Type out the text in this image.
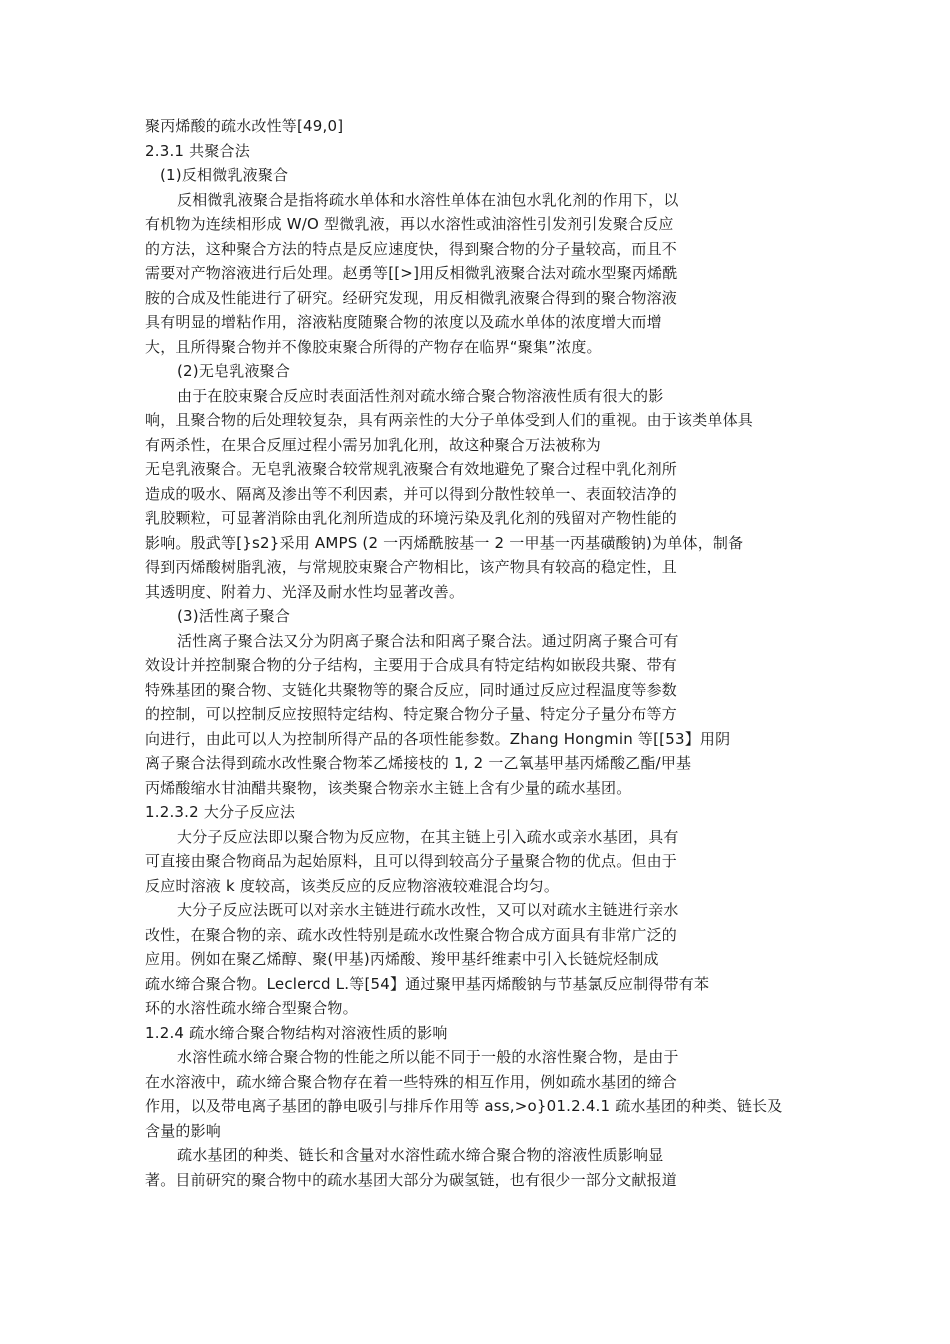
聚丙烯酸的疏水改性等[49,0]
2.3.1 共聚合法
(1)反相微乳液聚合
反相微乳液聚合是指将疏水单体和水溶性单体在油包水乳化剂的作用下，以
有机物为连续相形成 W/O 型微乳液，再以水溶性或油溶性引发剂引发聚合反应
的方法，这种聚合方法的特点是反应速度快，得到聚合物的分子量较高，而且不
需要对产物溶液进行后处理。赵勇等[[>]用反相微乳液聚合法对疏水型聚丙烯酰
胺的合成及性能进行了研究。经研究发现，用反相微乳液聚合得到的聚合物溶液
具有明显的增粘作用，溶液粘度随聚合物的浓度以及疏水单体的浓度增大而增
大，且所得聚合物并不像胶束聚合所得的产物存在临界“聚集”浓度。
(2)无皂乳液聚合
由于在胶束聚合反应时表面活性剂对疏水缔合聚合物溶液性质有很大的影
响，且聚合物的后处理较复杂，具有两亲性的大分子单体受到人们的重视。由于该类单体具
有两杀性，在果合反厘过程小需另加乳化刑，故这种聚合万法被称为
无皂乳液聚合。无皂乳液聚合较常规乳液聚合有效地避免了聚合过程中乳化剂所
造成的吸水、隔离及渗出等不利因素，并可以得到分散性较单一、表面较洁净的
乳胶颗粒，可显著消除由乳化剂所造成的环境污染及乳化剂的残留对产物性能的
影响。殷武等[}s2}采用 AMPS (2 一丙烯酰胺基一 2 一甲基一丙基磺酸钠)为单体，制备
得到丙烯酸树脂乳液，与常规胶束聚合产物相比，该产物具有较高的稳定性，且
其透明度、附着力、光泽及耐水性均显著改善。
(3)活性离子聚合
活性离子聚合法又分为阴离子聚合法和阳离子聚合法。通过阴离子聚合可有
效设计并控制聚合物的分子结构，主要用于合成具有特定结构如嵌段共聚、带有
特殊基团的聚合物、支链化共聚物等的聚合反应，同时通过反应过程温度等参数
的控制，可以控制反应按照特定结构、特定聚合物分子量、特定分子量分布等方
向进行，由此可以人为控制所得产品的各项性能参数。Zhang Hongmin 等[[53】用阴
离子聚合法得到疏水改性聚合物苯乙烯接枝的 1, 2 一乙氧基甲基丙烯酸乙酯/甲基
丙烯酸缩水甘油醋共聚物，该类聚合物亲水主链上含有少量的疏水基团。
1.2.3.2 大分子反应法
大分子反应法即以聚合物为反应物，在其主链上引入疏水或亲水基团，具有
可直接由聚合物商品为起始原料，且可以得到较高分子量聚合物的优点。但由于
反应时溶液 k 度较高，该类反应的反应物溶液较难混合均匀。
大分子反应法既可以对亲水主链进行疏水改性，又可以对疏水主链进行亲水
改性，在聚合物的亲、疏水改性特别是疏水改性聚合物合成方面具有非常广泛的
应用。例如在聚乙烯醇、聚(甲基)丙烯酸、羧甲基纤维素中引入长链烷烃制成
疏水缔合聚合物。Leclercd L.等[54】通过聚甲基丙烯酸钠与节基氯反应制得带有苯
环的水溶性疏水缔合型聚合物。
1.2.4 疏水缔合聚合物结构对溶液性质的影响
水溶性疏水缔合聚合物的性能之所以能不同于一般的水溶性聚合物，是由于
在水溶液中，疏水缔合聚合物存在着一些特殊的相互作用，例如疏水基团的缔合
作用，以及带电离子基团的静电吸引与排斥作用等 ass,>o}01.2.4.1 疏水基团的种类、链长及
含量的影响
疏水基团的种类、链长和含量对水溶性疏水缔合聚合物的溶液性质影响显
著。目前研究的聚合物中的疏水基团大部分为碳氢链，也有很少一部分文献报道
